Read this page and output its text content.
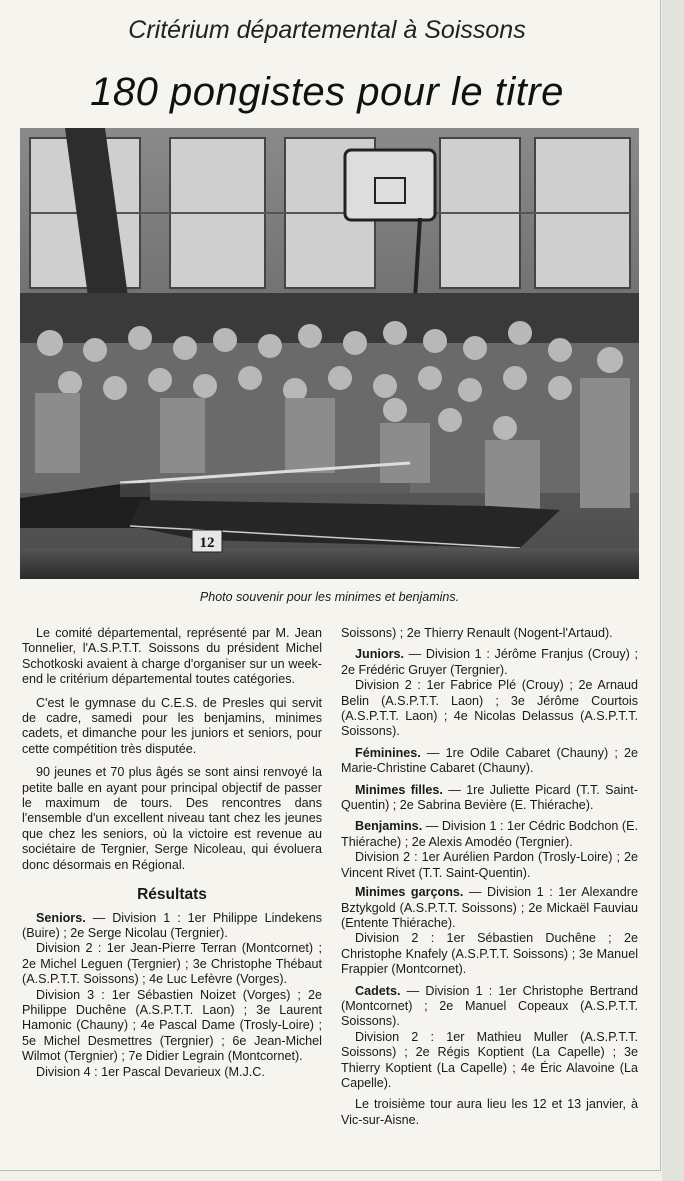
Critérium départemental à Soissons
180 pongistes pour le titre
12
Photo souvenir pour les minimes et benjamins.

Le comité départemental, représenté par M. Jean Tonnelier, l'A.S.P.T.T. Soissons du président Michel Schotkoski avaient à charge d'organiser sur un week-end le critérium départemental toutes catégories.

C'est le gymnase du C.E.S. de Presles qui servit de cadre, samedi pour les benjamins, minimes cadets, et dimanche pour les juniors et seniors, pour cette compétition très disputée.

90 jeunes et 70 plus âgés se sont ainsi renvoyé la petite balle en ayant pour principal objectif de passer le maximum de tours. Des rencontres dans l'ensemble d'un excellent niveau tant chez les jeunes que chez les seniors, où la victoire est revenue au sociétaire de Tergnier, Serge Nicoleau, qui évoluera donc désormais en Régional.

Résultats

Seniors. — Division 1 : 1er Philippe Lindekens (Buire) ; 2e Serge Nicolau (Tergnier).

Division 2 : 1er Jean-Pierre Terran (Montcornet) ; 2e Michel Leguen (Tergnier) ; 3e Christophe Thébaut (A.S.P.T.T. Soissons) ; 4e Luc Lefèvre (Vorges).

Division 3 : 1er Sébastien Noizet (Vorges) ; 2e Philippe Duchêne (A.S.P.T.T. Laon) ; 3e Laurent Hamonic (Chauny) ; 4e Pascal Dame (Trosly-Loire) ; 5e Michel Desmettres (Tergnier) ; 6e Jean-Michel Wilmot (Tergnier) ; 7e Didier Legrain (Montcornet).

Division 4 : 1er Pascal Devarieux (M.J.C.

Soissons) ; 2e Thierry Renault (Nogent-l'Artaud).

Juniors. — Division 1 : Jérôme Franjus (Crouy) ; 2e Frédéric Gruyer (Tergnier).

Division 2 : 1er Fabrice Plé (Crouy) ; 2e Arnaud Belin (A.S.P.T.T. Laon) ; 3e Jérôme Courtois (A.S.P.T.T. Laon) ; 4e Nicolas Delassus (A.S.P.T.T. Soissons).

Féminines. — 1re Odile Cabaret (Chauny) ; 2e Marie-Christine Cabaret (Chauny).

Minimes filles. — 1re Juliette Picard (T.T. Saint-Quentin) ; 2e Sabrina Bevière (E. Thiérache).

Benjamins. — Division 1 : 1er Cédric Bodchon (E. Thiérache) ; 2e Alexis Amodéo (Tergnier).

Division 2 : 1er Aurélien Pardon (Trosly-Loire) ; 2e Vincent Rivet (T.T. Saint-Quentin).

Minimes garçons. — Division 1 : 1er Alexandre Bztykgold (A.S.P.T.T. Soissons) ; 2e Mickaël Fauviau (Entente Thiérache).

Division 2 : 1er Sébastien Duchêne ; 2e Christophe Knafely (A.S.P.T.T. Soissons) ; 3e Manuel Frappier (Montcornet).

Cadets. — Division 1 : 1er Christophe Bertrand (Montcornet) ; 2e Manuel Copeaux (A.S.P.T.T. Soissons).

Division 2 : 1er Mathieu Muller (A.S.P.T.T. Soissons) ; 2e Régis Koptient (La Capelle) ; 3e Thierry Koptient (La Capelle) ; 4e Éric Alavoine (La Capelle).

Le troisième tour aura lieu les 12 et 13 janvier, à Vic-sur-Aisne.
